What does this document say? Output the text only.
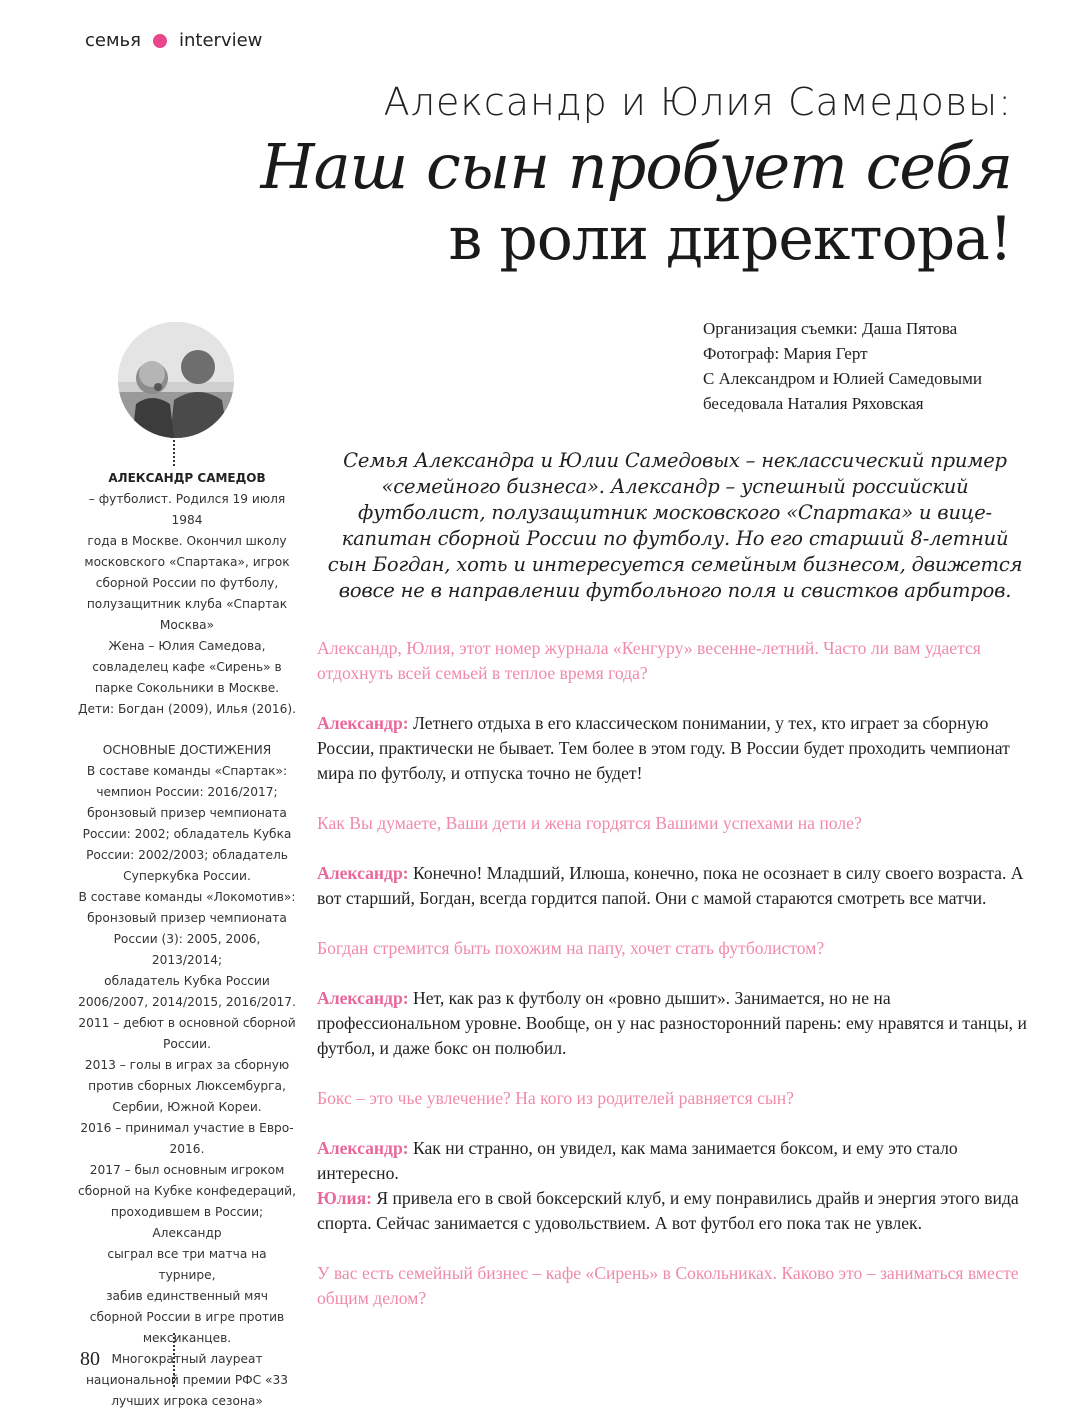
семья interview
Александр и Юлия Самедовы:
Наш сын пробует себя
в роли директора!
Организация съемки: Даша Пятова
Фотограф: Мария Герт
С Александром и Юлией Самедовыми
беседовала Наталия Ряховская

АЛЕКСАНДР САМЕДОВ

– футболист. Родился 19 июля 1984

года в Москве. Окончил школу

московского «Спартака», игрок

сборной России по футболу,

полузащитник клуба «Спартак

Москва»

Жена – Юлия Самедова,

совладелец кафе «Сирень» в

парке Сокольники в Москве.

Дети: Богдан (2009), Илья (2016).

ОСНОВНЫЕ ДОСТИЖЕНИЯ

В составе команды «Спартак»:

чемпион России: 2016/2017;

бронзовый призер чемпионата

России: 2002; обладатель Кубка

России: 2002/2003; обладатель

Суперкубка России.

В составе команды «Локомотив»:

бронзовый призер чемпионата

России (3): 2005, 2006, 2013/2014;

обладатель Кубка России

2006/2007, 2014/2015, 2016/2017.

2011 – дебют в основной сборной

России.

2013 – голы в играх за сборную

против сборных Люксембурга,

Сербии, Южной Кореи.

2016 – принимал участие в Евро-

2016.

2017 – был основным игроком

сборной на Кубке конфедераций,

проходившем в России; Александр

сыграл все три матча на турнире,

забив единственный мяч

сборной России в игре против

мексиканцев.

Многократный лауреат

национальной премии РФС «33

лучших игрока сезона»

80

Семья Александра и Юлии Самедовых – неклассический пример

«семейного бизнеса». Александр – успешный российский

футболист, полузащитник московского «Спартака» и вице-

капитан сборной России по футболу. Но его старший 8-летний

сын Богдан, хоть и интересуется семейным бизнесом, движется

вовсе не в направлении футбольного поля и свистков арбитров.

Александр, Юлия, этот номер журнала «Кенгуру» весенне-летний. Часто ли вам удается отдохнуть всей семьей в теплое время года?

Александр: Летнего отдыха в его классическом понимании, у тех, кто играет за сборную России, практически не бывает. Тем более в этом году. В России будет проходить чемпионат мира по футболу, и отпуска точно не будет!

Как Вы думаете, Ваши дети и жена гордятся Вашими успехами на поле?

Александр: Конечно! Младший, Илюша, конечно, пока не осознает в силу своего возраста. А вот старший, Богдан, всегда гордится папой. Они с мамой стараются смотреть все матчи.

Богдан стремится быть похожим на папу, хочет стать футболистом?

Александр: Нет, как раз к футболу он «ровно дышит». Занимается, но не на профессиональном уровне. Вообще, он у нас разносторонний парень: ему нравятся и танцы, и футбол, и даже бокс он полюбил.

Бокс – это чье увлечение? На кого из родителей равняется сын?

Александр: Как ни странно, он увидел, как мама занимается боксом, и ему это стало интересно.

Юлия: Я привела его в свой боксерский клуб, и ему понравились драйв и энергия этого вида спорта. Сейчас занимается с удовольствием. А вот футбол его пока так не увлек.

У вас есть семейный бизнес – кафе «Сирень» в Сокольниках. Каково это – заниматься вместе общим делом?
